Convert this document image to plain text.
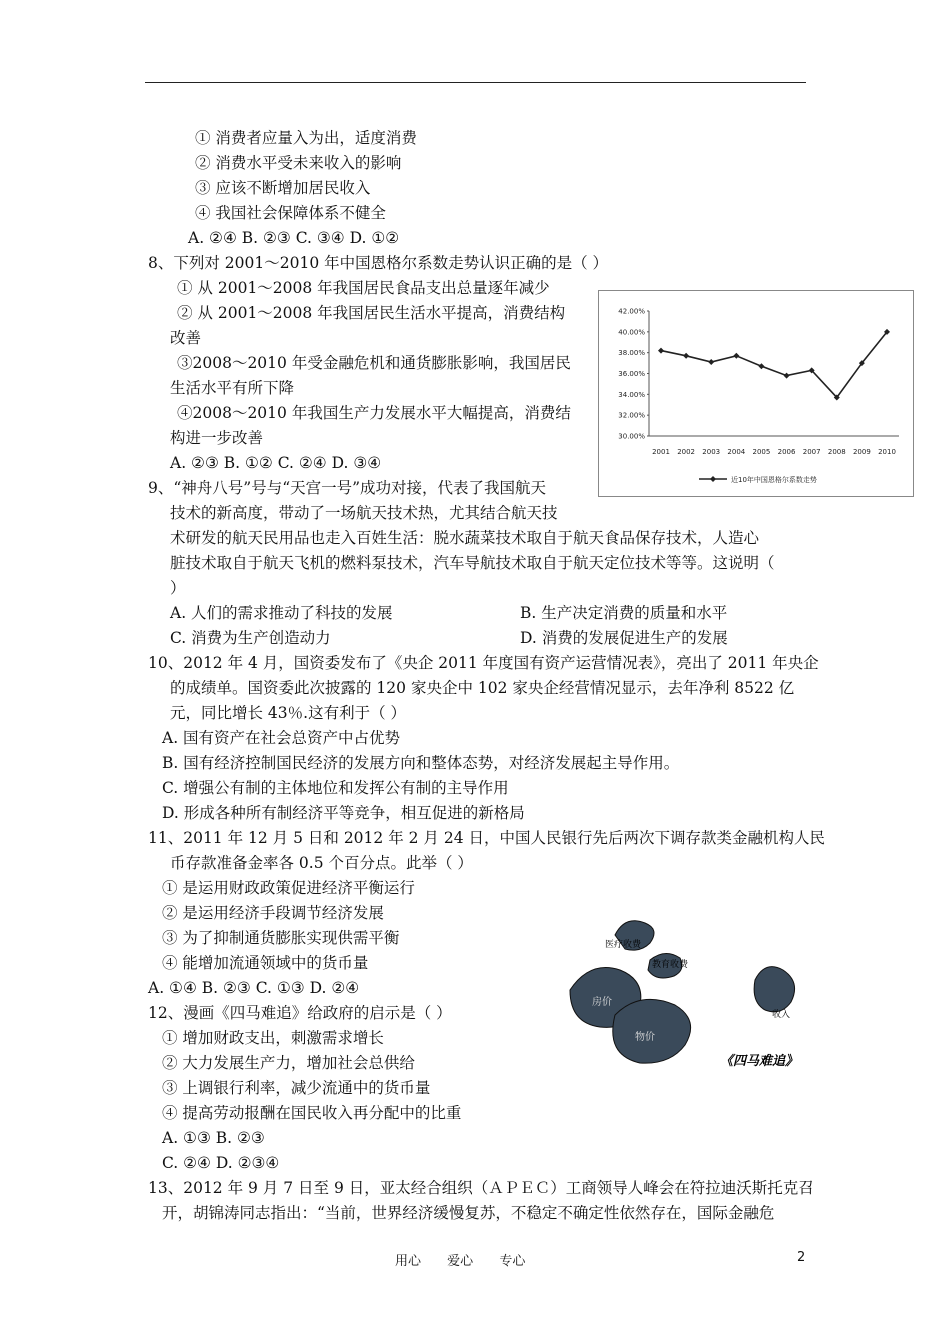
① 消费者应量入为出，适度消费
② 消费水平受未来收入的影响
③ 应该不断增加居民收入
④ 我国社会保障体系不健全
A. ②④ B. ②③ C. ③④ D. ①②
8、下列对 2001～2010 年中国恩格尔系数走势认识正确的是（ ）
① 从 2001～2008 年我国居民食品支出总量逐年减少
② 从 2001～2008 年我国居民生活水平提高，消费结构
改善
③2008～2010 年受金融危机和通货膨胀影响，我国居民
生活水平有所下降
④2008～2010 年我国生产力发展水平大幅提高，消费结
构进一步改善
A. ②③ B. ①② C. ②④ D. ③④
9、“神舟八号”号与“天宫一号”成功对接，代表了我国航天
技术的新高度，带动了一场航天技术热，尤其结合航天技
术研发的航天民用品也走入百姓生活：脱水蔬菜技术取自于航天食品保存技术，人造心
脏技术取自于航天飞机的燃料泵技术，汽车导航技术取自于航天定位技术等等。这说明（
）
A. 人们的需求推动了科技的发展	B. 生产决定消费的质量和水平
C. 消费为生产创造动力	D. 消费的发展促进生产的发展
10、2012 年 4 月，国资委发布了《央企 2011 年度国有资产运营情况表》，亮出了 2011 年央企
的成绩单。国资委此次披露的 120 家央企中 102 家央企经营情况显示，去年净利 8522 亿
元，同比增长 43％.这有利于（ ）
A. 国有资产在社会总资产中占优势
B. 国有经济控制国民经济的发展方向和整体态势，对经济发展起主导作用。
C. 增强公有制的主体地位和发挥公有制的主导作用
D. 形成各种所有制经济平等竞争，相互促进的新格局
11、2011 年 12 月 5 日和 2012 年 2 月 24 日，中国人民银行先后两次下调存款类金融机构人民
币存款准备金率各 0.5 个百分点。此举（ ）
① 是运用财政政策促进经济平衡运行
② 是运用经济手段调节经济发展
③ 为了抑制通货膨胀实现供需平衡
④ 能增加流通领域中的货币量
A. ①④ B. ②③ C. ①③ D. ②④
12、漫画《四马难追》给政府的启示是（ ）
① 增加财政支出，刺激需求增长
② 大力发展生产力，增加社会总供给
③ 上调银行利率，减少流通中的货币量
④ 提高劳动报酬在国民收入再分配中的比重
A. ①③ B. ②③
C. ②④ D. ②③④
13、2012 年 9 月 7 日至 9 日，亚太经合组织（ＡＰＥＣ）工商领导人峰会在符拉迪沃斯托克召
开，胡锦涛同志指出：“当前，世界经济缓慢复苏，不稳定不确定性依然存在，国际金融危
30.00%
32.00%
34.00%
36.00%
38.00%
40.00%
42.00%
2001 2002 2003 2004 2005 2006 2007 2008 2009 2010
近10年中国恩格尔系数走势
医疗收费
教育收费
房价
物价
收入
《四马难追》
用心 爱心 专心	2
